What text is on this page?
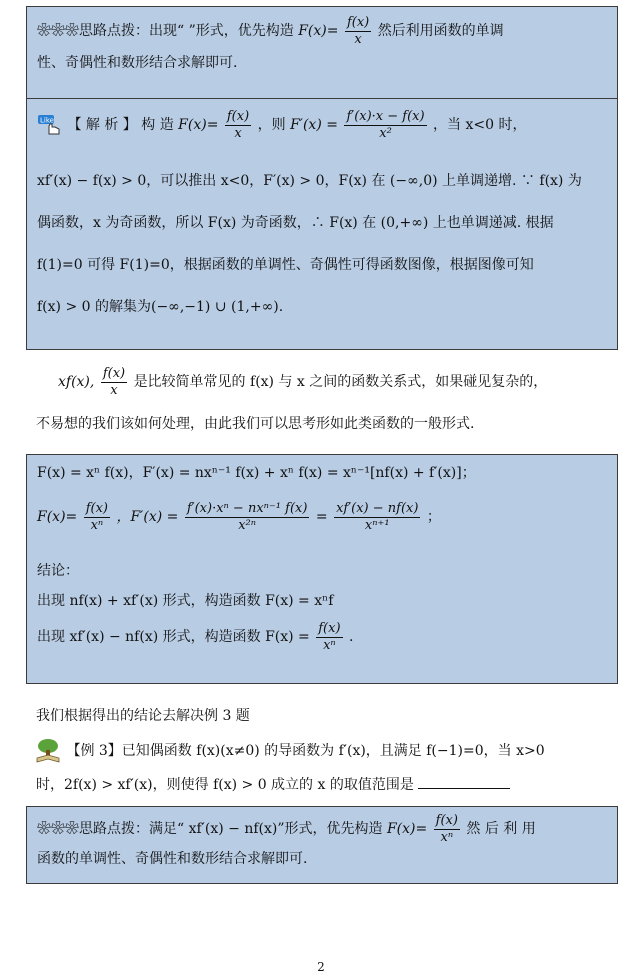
❀❀❀思路点拨：出现“ ”形式，优先构造 $F(x)= \frac{f(x)}{x}$ 然后利用函数的单调
性、奇偶性和数形结合求解即可.
Like 【 解 析 】 构 造 $F(x)= \frac{f(x)}{x}$ ，则 $F'(x) = \frac{f'(x)\cdot x - f(x)}{\text{x²}}$ ，当 x<0 时，
xf′(x) − f(x) > 0，可以推出 x<0，F′(x) > 0，F(x) 在 (−∞,0) 上单调递增. ∵ f(x) 为
偶函数，x 为奇函数，所以 F(x) 为奇函数，∴ F(x) 在 (0,+∞) 上也单调递减. 根据
f(1)=0 可得 F(1)=0，根据函数的单调性、奇偶性可得函数图像，根据图像可知
f(x) > 0 的解集为(−∞,−1) ∪ (1,+∞).
xf(x), $\frac{f(x)}{x}$ 是比较简单常见的 f(x) 与 x 之间的函数关系式，如果碰见复杂的，
不易想的我们该如何处理，由此我们可以思考形如此类函数的一般形式.
F(x) = xⁿ f(x)，F′(x) = nxⁿ⁻¹ f(x) + xⁿ f(x) = xⁿ⁻¹[nf(x) + f′(x)]；
$F(x)= \frac{f(x)}{\text{xⁿ}}$ ，$F'(x) = \frac{\text{f′(x)·xⁿ − nxⁿ⁻¹ f(x)}}{\text{x²ⁿ}} = \frac{xf'(x) - nf(x)}{\text{xⁿ⁺¹}}$ ；
结论：
出现 nf(x) + xf′(x) 形式，构造函数 F(x) = xⁿf
出现 xf′(x) − nf(x) 形式，构造函数 $F(x) = \frac{f(x)}{\text{xⁿ}}$ .
我们根据得出的结论去解决例 3 题
【例 3】已知偶函数 f(x)(x≠0) 的导函数为 f′(x)，且满足 f(−1)=0，当 x>0
时，2f(x) > xf′(x)，则使得 f(x) > 0 成立的 x 的取值范围是
❀❀❀思路点拨：满足“ xf′(x) − nf(x)”形式，优先构造 $F(x)= \frac{f(x)}{\text{xⁿ}}$ 然 后 利 用
函数的单调性、奇偶性和数形结合求解即可.
2
